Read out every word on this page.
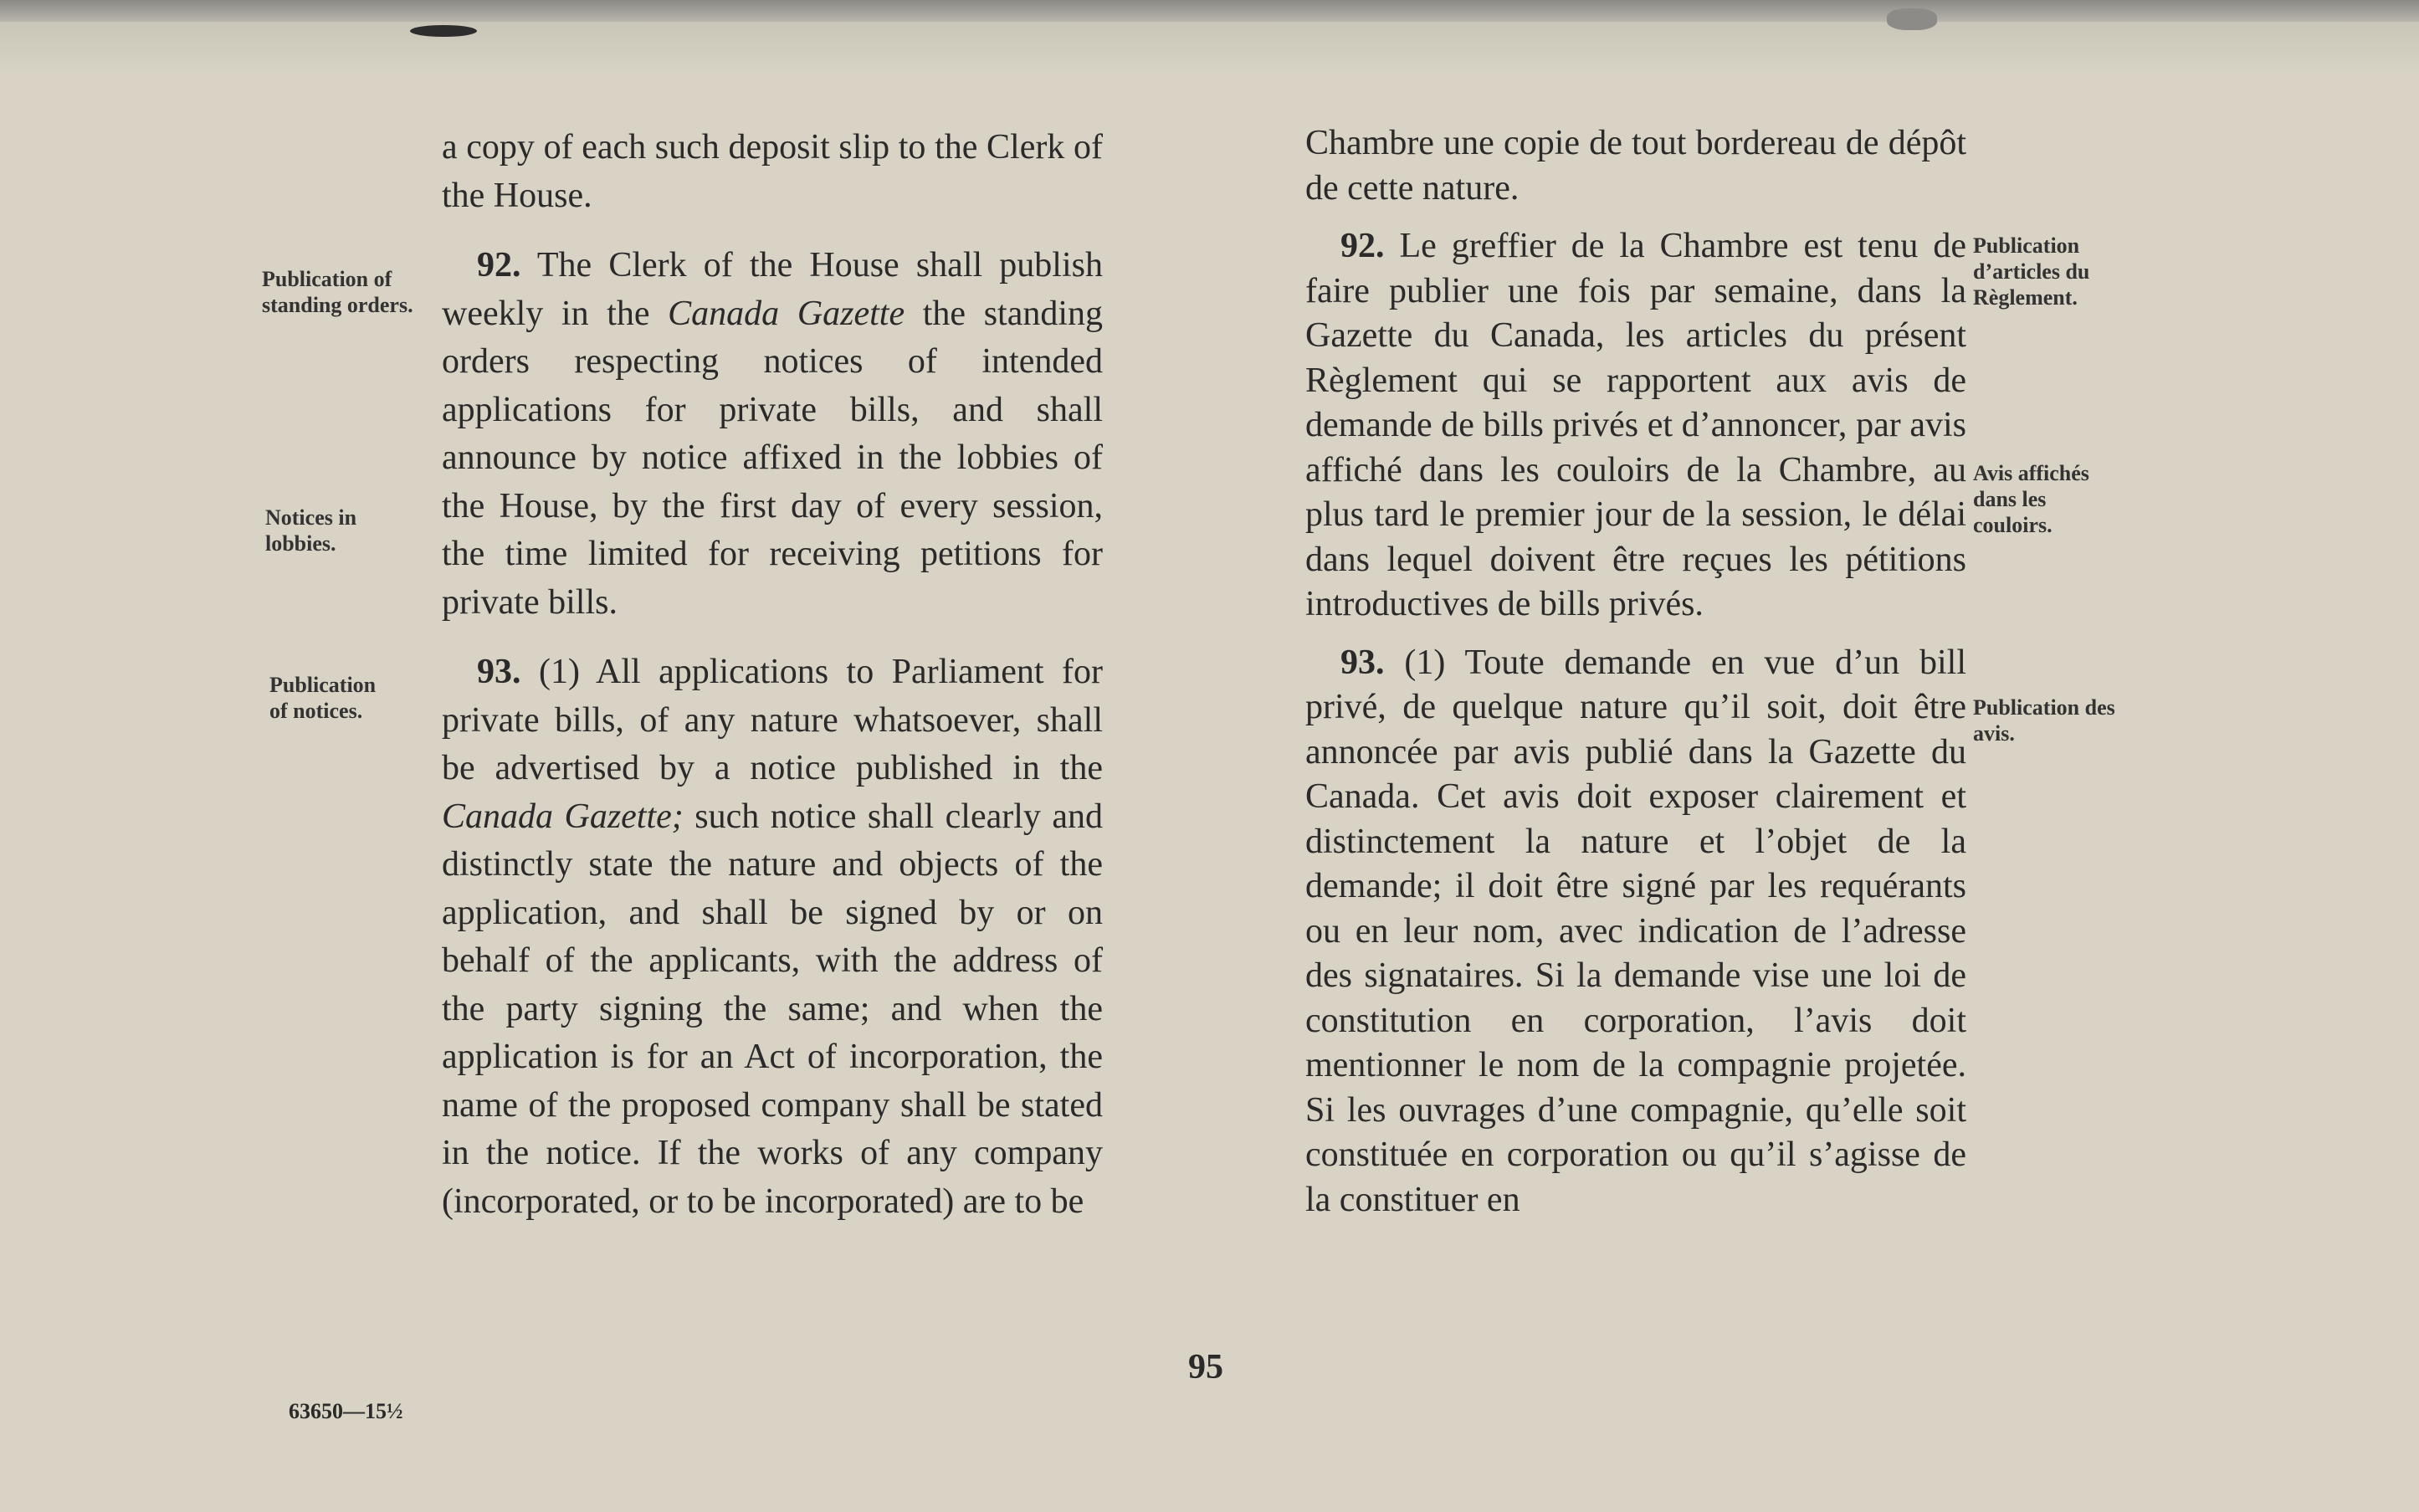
Publication of standing orders.
Notices in lobbies.
Publication of notices.

a copy of each such deposit slip to the Clerk of the House.

92. The Clerk of the House shall publish weekly in the Canada Gazette the standing orders respecting notices of intended applications for private bills, and shall announce by notice affixed in the lobbies of the House, by the first day of every session, the time limited for receiving petitions for private bills.

93. (1) All applications to Parliament for private bills, of any nature whatsoever, shall be advertised by a notice published in the Canada Gazette; such notice shall clearly and distinctly state the nature and objects of the application, and shall be signed by or on behalf of the applicants, with the address of the party signing the same; and when the application is for an Act of incorporation, the name of the proposed company shall be stated in the notice. If the works of any company (incorporated, or to be incorporated) are to be

Chambre une copie de tout bordereau de dépôt de cette nature.

92. Le greffier de la Chambre est tenu de faire publier une fois par semaine, dans la Gazette du Canada, les articles du présent Règlement qui se rapportent aux avis de demande de bills privés et d’annoncer, par avis affiché dans les couloirs de la Chambre, au plus tard le premier jour de la session, le délai dans lequel doivent être reçues les pétitions introductives de bills privés.

93. (1) Toute demande en vue d’un bill privé, de quelque nature qu’il soit, doit être annoncée par avis publié dans la Gazette du Canada. Cet avis doit exposer clairement et distinctement la nature et l’objet de la demande; il doit être signé par les requérants ou en leur nom, avec indication de l’adresse des signataires. Si la demande vise une loi de constitution en corporation, l’avis doit mentionner le nom de la compagnie projetée. Si les ouvrages d’une compagnie, qu’elle soit constituée en corporation ou qu’il s’agisse de la constituer en

Publication d’articles du Règlement.
Avis affichés dans les couloirs.
Publication des avis.
95
63650—15½
